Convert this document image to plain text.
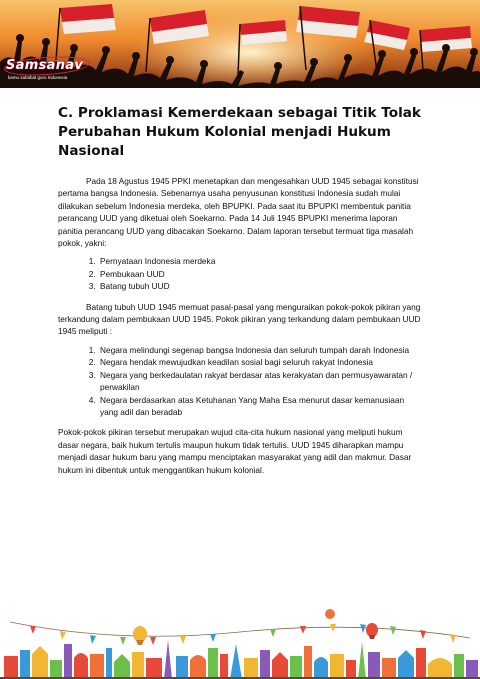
Samsanav
kamu sahabat guru Indonesia
C. Proklamasi Kemerdekaan sebagai Titik Tolak Perubahan Hukum Kolonial menjadi Hukum Nasional

Pada 18 Agustus 1945 PPKI menetapkan dan mengesahkan UUD 1945 sebagai konstitusi pertama bangsa Indonesia. Sebenarnya usaha penyusunan konstitusi Indonesia sudah mulai dilakukan sebelum Indonesia merdeka, oleh BPUPKI. Pada saat itu BPUPKI membentuk panitia perancang UUD yang diketuai oleh Soekarno. Pada 14 Juli 1945 BPUPKI menerima laporan panitia perancang UUD yang dibacakan Soekarno. Dalam laporan tersebut termuat tiga masalah pokok, yakni:

1. Pernyataan Indonesia merdeka
2. Pembukaan UUD
3. Batang tubuh UUD

Batang tubuh UUD 1945 memuat pasal-pasal yang menguraikan pokok-pokok pikiran yang terkandung dalam pembukaan UUD 1945. Pokok pikiran yang terkandung dalam pembukaan UUD 1945 meliputi :

1. Negara melindungi segenap bangsa Indonesia dan seluruh tumpah darah Indonesia
2. Negara hendak mewujudkan keadilan sosial bagi seluruh rakyat Indonesia
3. Negara yang berkedaulatan rakyat berdasar atas kerakyatan dan permusyawaratan / perwakilan
4. Negara berdasarkan atas Ketuhanan Yang Maha Esa menurut dasar kemanusiaan yang adil dan beradab

Pokok-pokok pikiran tersebut merupakan wujud cita-cita hukum nasional yang meliputi hukum dasar negara, baik hukum tertulis maupun hukum tidak tertulis. UUD 1945 diharapkan mampu menjadi dasar hukum baru yang mampu menciptakan masyarakat yang adil dan makmur. Dasar hukum ini dibentuk untuk menggantikan hukum kolonial.
